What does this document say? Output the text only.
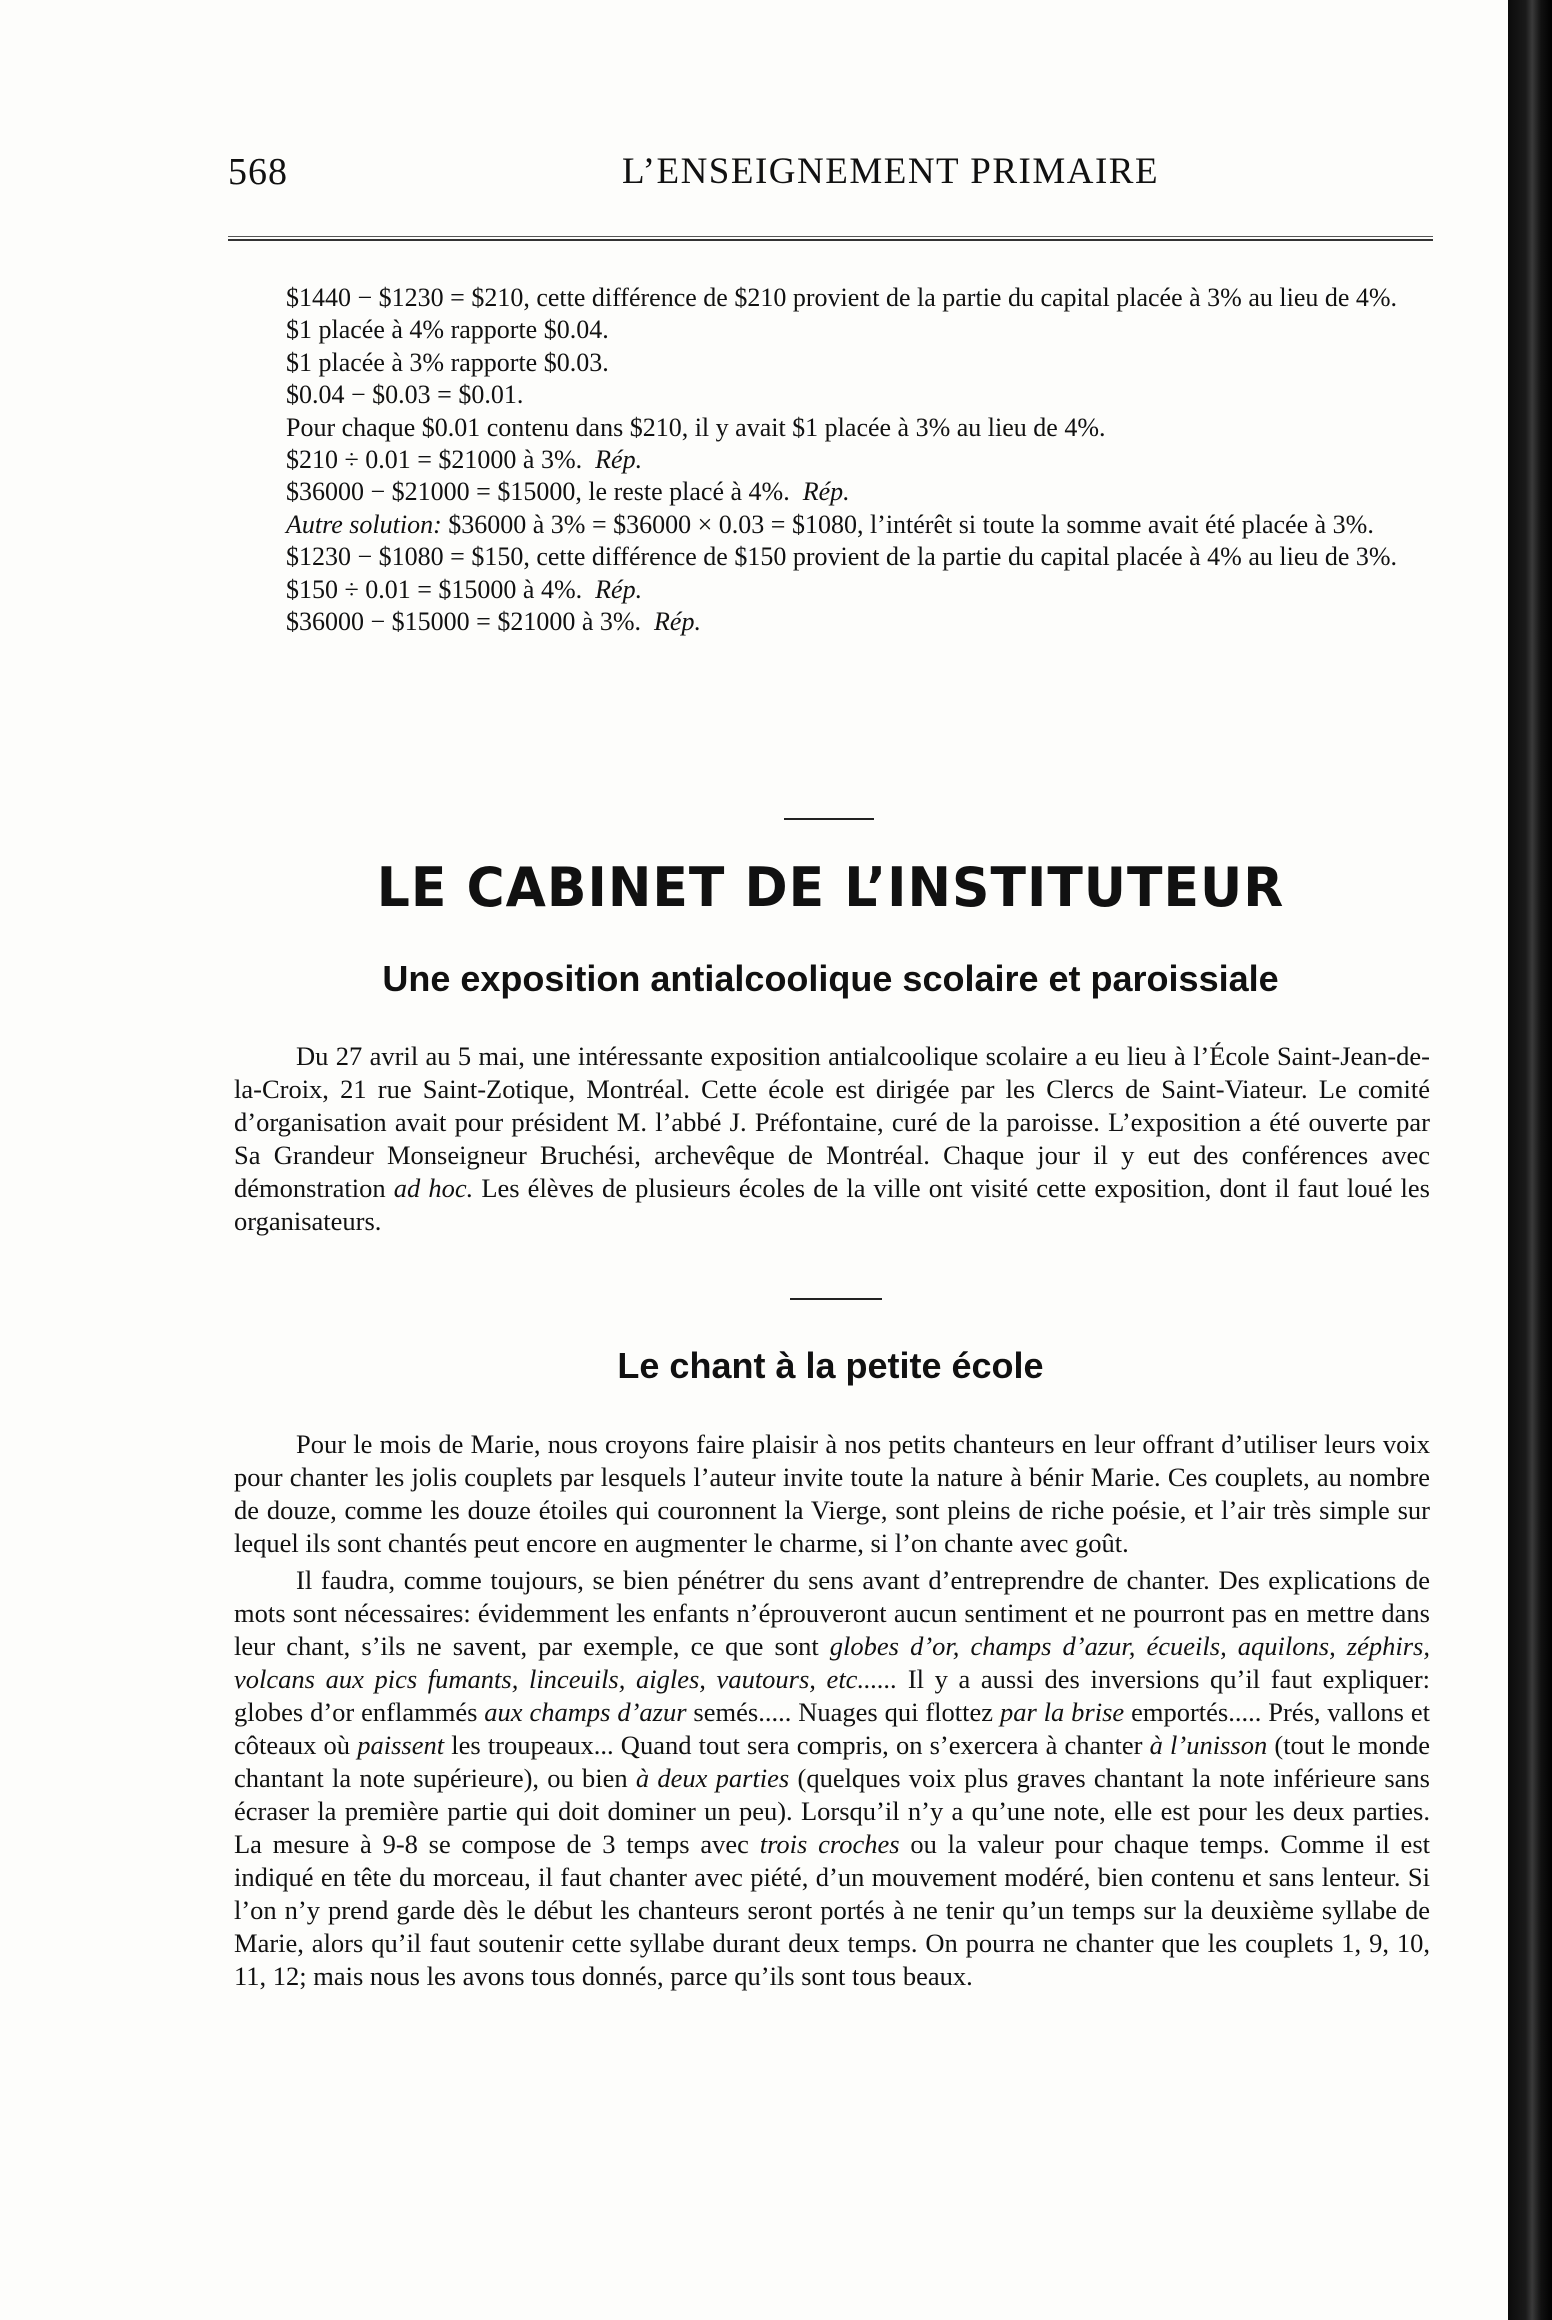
568	L’ENSEIGNEMENT PRIMAIRE

$1440 − $1230 = $210, cette différence de $210 provient de la partie du capital placée à 3% au lieu de 4%.

$1 placée à 4% rapporte $0.04.

$1 placée à 3% rapporte $0.03.

$0.04 − $0.03 = $0.01.

Pour chaque $0.01 contenu dans $210, il y avait $1 placée à 3% au lieu de 4%.

$210 ÷ 0.01 = $21000 à 3%. Rép.

$36000 − $21000 = $15000, le reste placé à 4%. Rép.

Autre solution: $36000 à 3% = $36000 × 0.03 = $1080, l’intérêt si toute la somme avait été placée à 3%.

$1230 − $1080 = $150, cette différence de $150 provient de la partie du capital placée à 4% au lieu de 3%.

$150 ÷ 0.01 = $15000 à 4%. Rép.

$36000 − $15000 = $21000 à 3%. Rép.

LE CABINET DE L’INSTITUTEUR
Une exposition antialcoolique scolaire et paroissiale

Du 27 avril au 5 mai, une intéressante exposition antialcoolique scolaire a eu lieu à l’École Saint-Jean-de-la-Croix, 21 rue Saint-Zotique, Montréal. Cette école est dirigée par les Clercs de Saint-Viateur. Le comité d’organisation avait pour président M. l’abbé J. Préfontaine, curé de la paroisse. L’exposition a été ouverte par Sa Grandeur Monseigneur Bruchési, archevêque de Montréal. Chaque jour il y eut des conférences avec démonstration ad hoc. Les élèves de plusieurs écoles de la ville ont visité cette exposition, dont il faut loué les organisateurs.

Le chant à la petite école

Pour le mois de Marie, nous croyons faire plaisir à nos petits chanteurs en leur offrant d’utiliser leurs voix pour chanter les jolis couplets par lesquels l’auteur invite toute la nature à bénir Marie. Ces couplets, au nombre de douze, comme les douze étoiles qui couronnent la Vierge, sont pleins de riche poésie, et l’air très simple sur lequel ils sont chantés peut encore en augmenter le charme, si l’on chante avec goût.

Il faudra, comme toujours, se bien pénétrer du sens avant d’entreprendre de chanter. Des explications de mots sont nécessaires: évidemment les enfants n’éprouveront aucun sentiment et ne pourront pas en mettre dans leur chant, s’ils ne savent, par exemple, ce que sont globes d’or, champs d’azur, écueils, aquilons, zéphirs, volcans aux pics fumants, linceuils, aigles, vautours, etc...... Il y a aussi des inversions qu’il faut expliquer: globes d’or enflammés aux champs d’azur semés..... Nuages qui flottez par la brise emportés..... Prés, vallons et côteaux où paissent les troupeaux... Quand tout sera compris, on s’exercera à chanter à l’unisson (tout le monde chantant la note supérieure), ou bien à deux parties (quelques voix plus graves chantant la note inférieure sans écraser la première partie qui doit dominer un peu). Lorsqu’il n’y a qu’une note, elle est pour les deux parties. La mesure à 9-8 se compose de 3 temps avec trois croches ou la valeur pour chaque temps. Comme il est indiqué en tête du morceau, il faut chanter avec piété, d’un mouvement modéré, bien contenu et sans lenteur. Si l’on n’y prend garde dès le début les chanteurs seront portés à ne tenir qu’un temps sur la deuxième syllabe de Marie, alors qu’il faut soutenir cette syllabe durant deux temps. On pourra ne chanter que les couplets 1, 9, 10, 11, 12; mais nous les avons tous donnés, parce qu’ils sont tous beaux.
